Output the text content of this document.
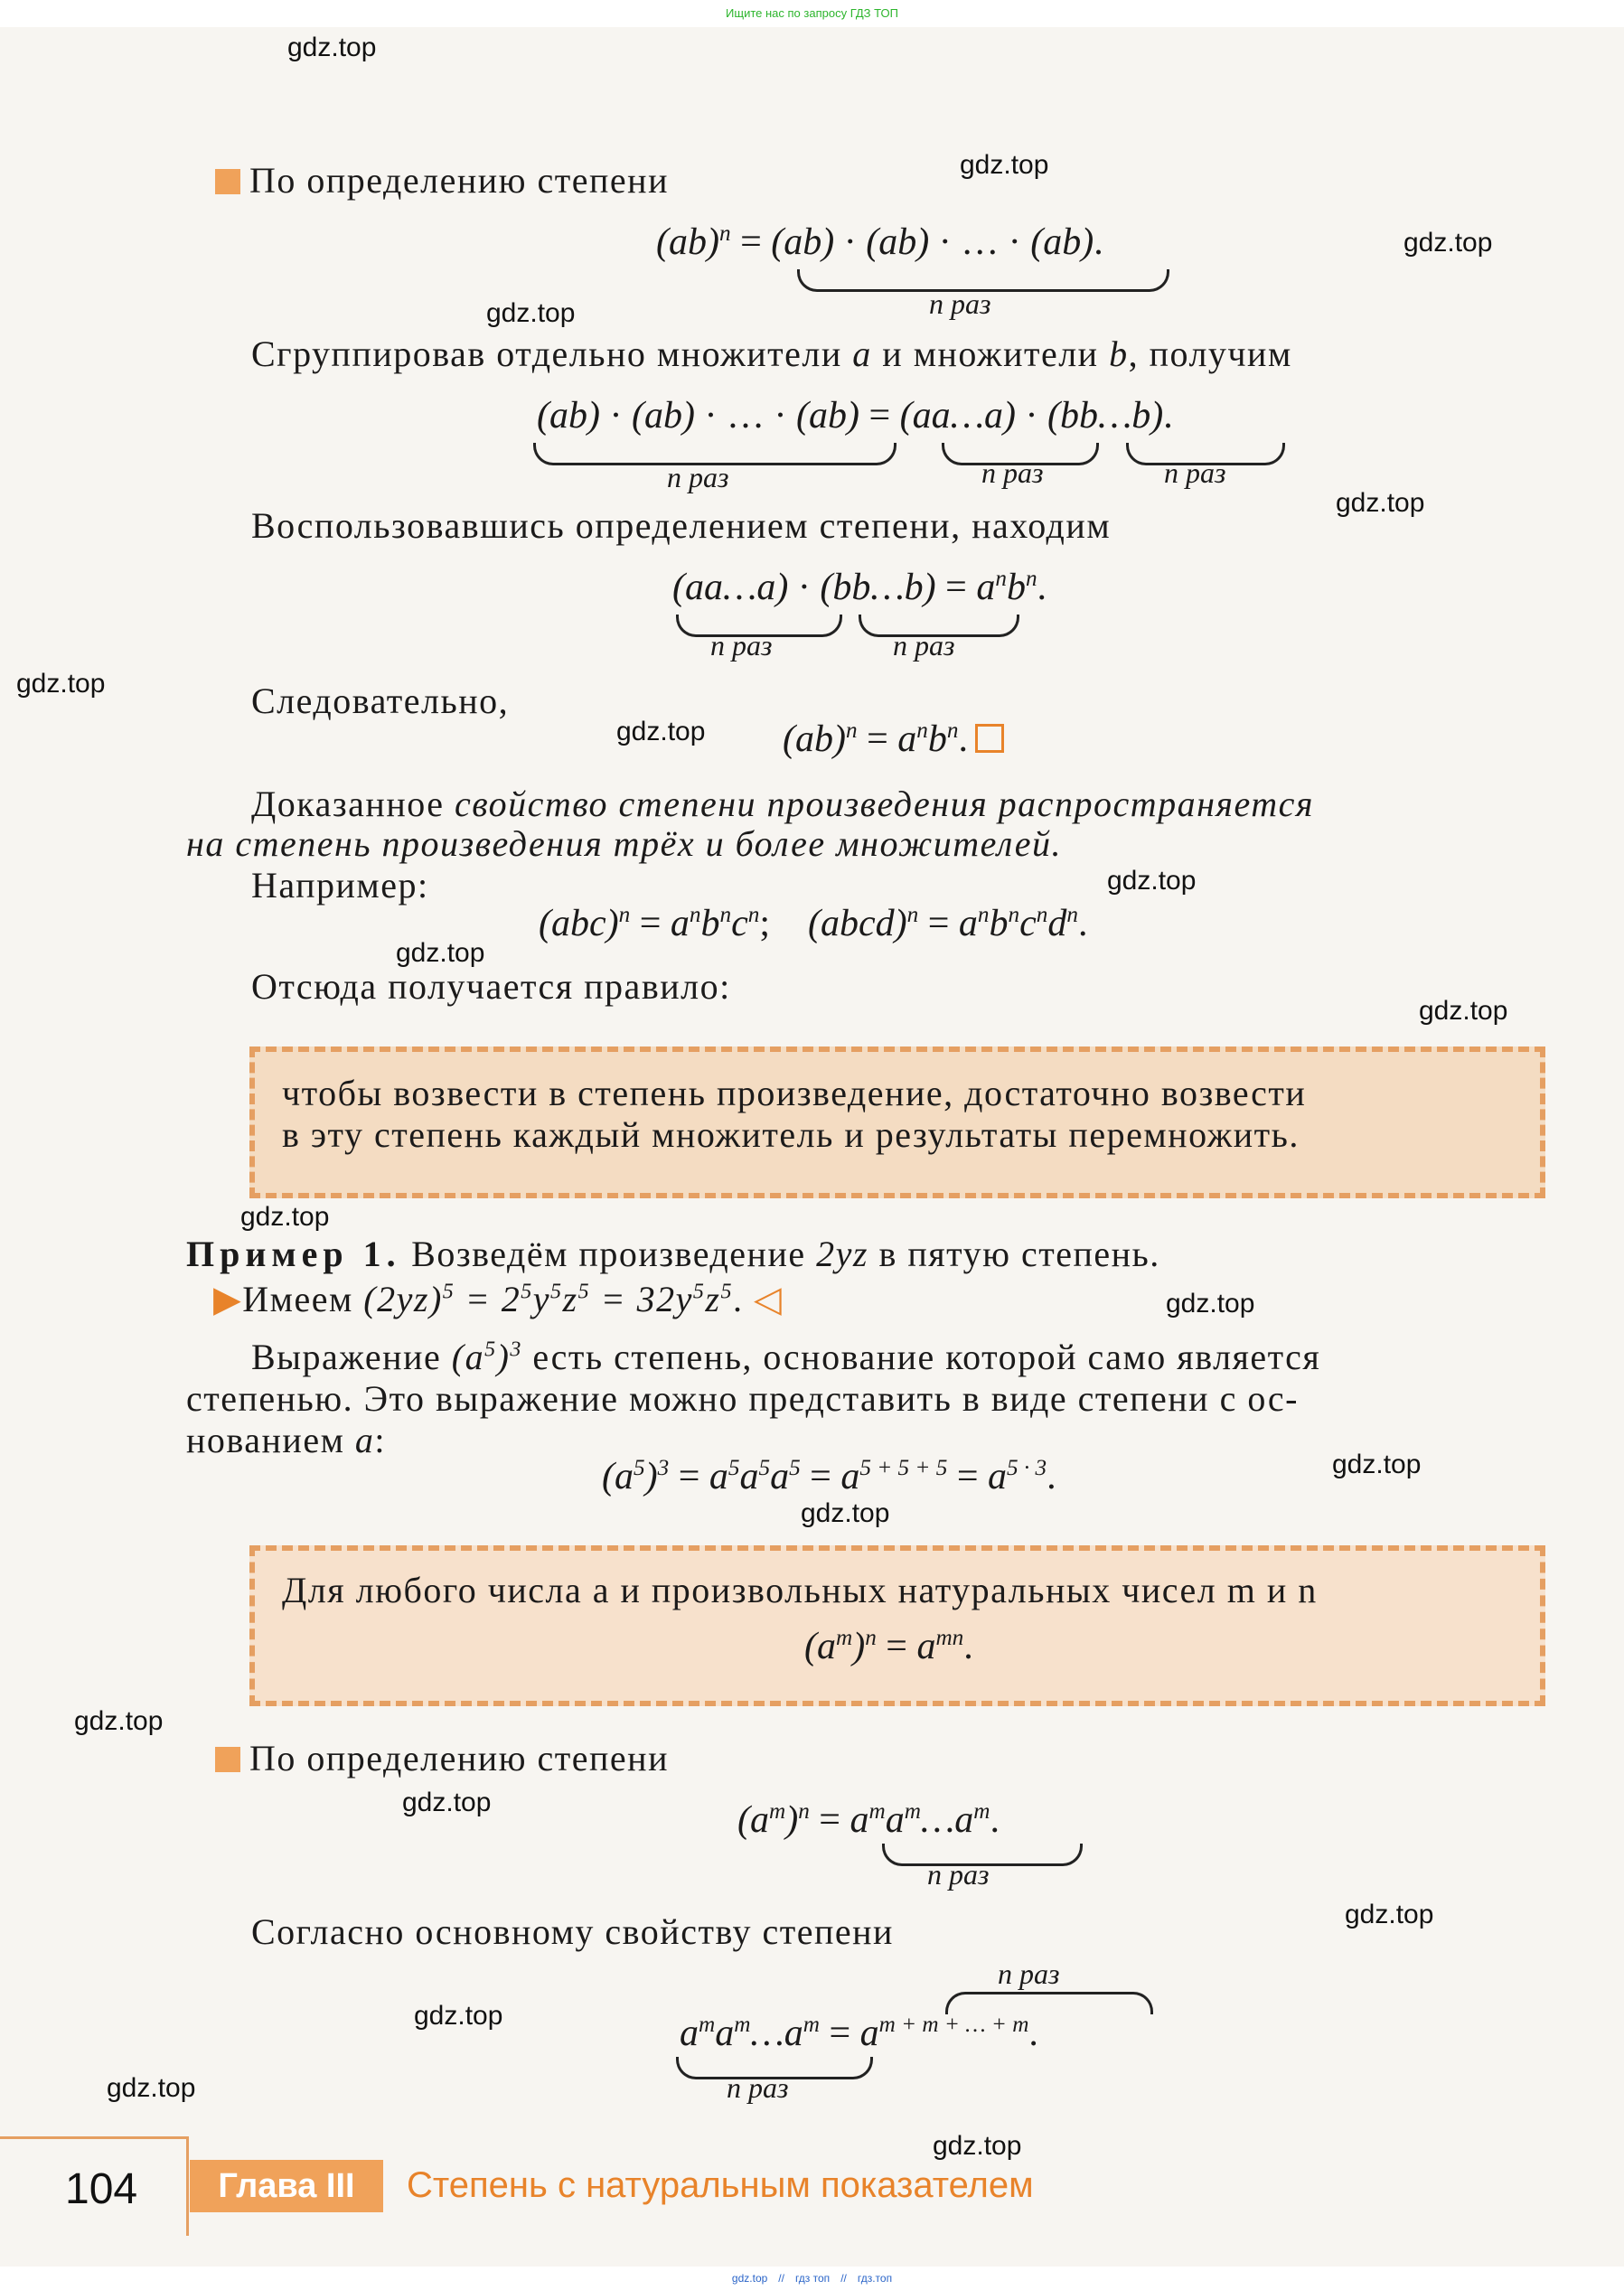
Ищите нас по запросу ГДЗ ТОП
gdz.top
gdz.top
gdz.top
gdz.top
gdz.top
gdz.top
gdz.top
gdz.top
gdz.top
gdz.top
gdz.top
gdz.top
gdz.top
gdz.top
gdz.top
gdz.top
gdz.top
gdz.top
gdz.top
gdz.top
По определению степени
(ab)$^n$ = (ab) · (ab) · … · (ab).
n раз
Сгруппировав отдельно множители a и множители b, получим
(ab) · (ab) · … · (ab) = (aa…a) · (bb…b).
n раз	n раз	n раз
Воспользовавшись определением степени, находим
(aa…a) · (bb…b) = $a^nb^n$.
n раз	n раз
Следовательно,
$(ab)^n = a^nb^n$.
Доказанное свойство степени произведения распространяется
на степень произведения трёх и более множителей.
Например:
$(abc)^n = a^nb^nc^n$;    (abcd)$^n$ = $a^nb^nc^nd^n$.
Отсюда получается правило:
чтобы возвести в степень произведение, достаточно возвести
в эту степень каждый множитель и результаты перемножить.
Пример 1. Возведём произведение 2yz в пятую степень.
▶Имеем $(2yz)^5 = 2^5y^5z^5 = 32y^5z^5$. ◁
Выражение $(a^5)^3$ есть степень, основание которой само является
степенью. Это выражение можно представить в виде степени с ос-
нованием a:
$(a^5)^3 = a^5a^5a^5 = a^{5 + 5 + 5} = a^{5 \cdot 3}$.
Для любого числа a и произвольных натуральных чисел m и n
$(a^m)^n = a^{mn}$.
По определению степени
$(a^m)^n$ = $a^ma^m\dots a^m$.
n раз
Согласно основному свойству степени
n раз
$a^ma^m\dots a^m = a^{m + m + \dots + m}$.
n раз
104	Глава III	Степень с натуральным показателем
gdz.top // гдз топ // гдз.топ
